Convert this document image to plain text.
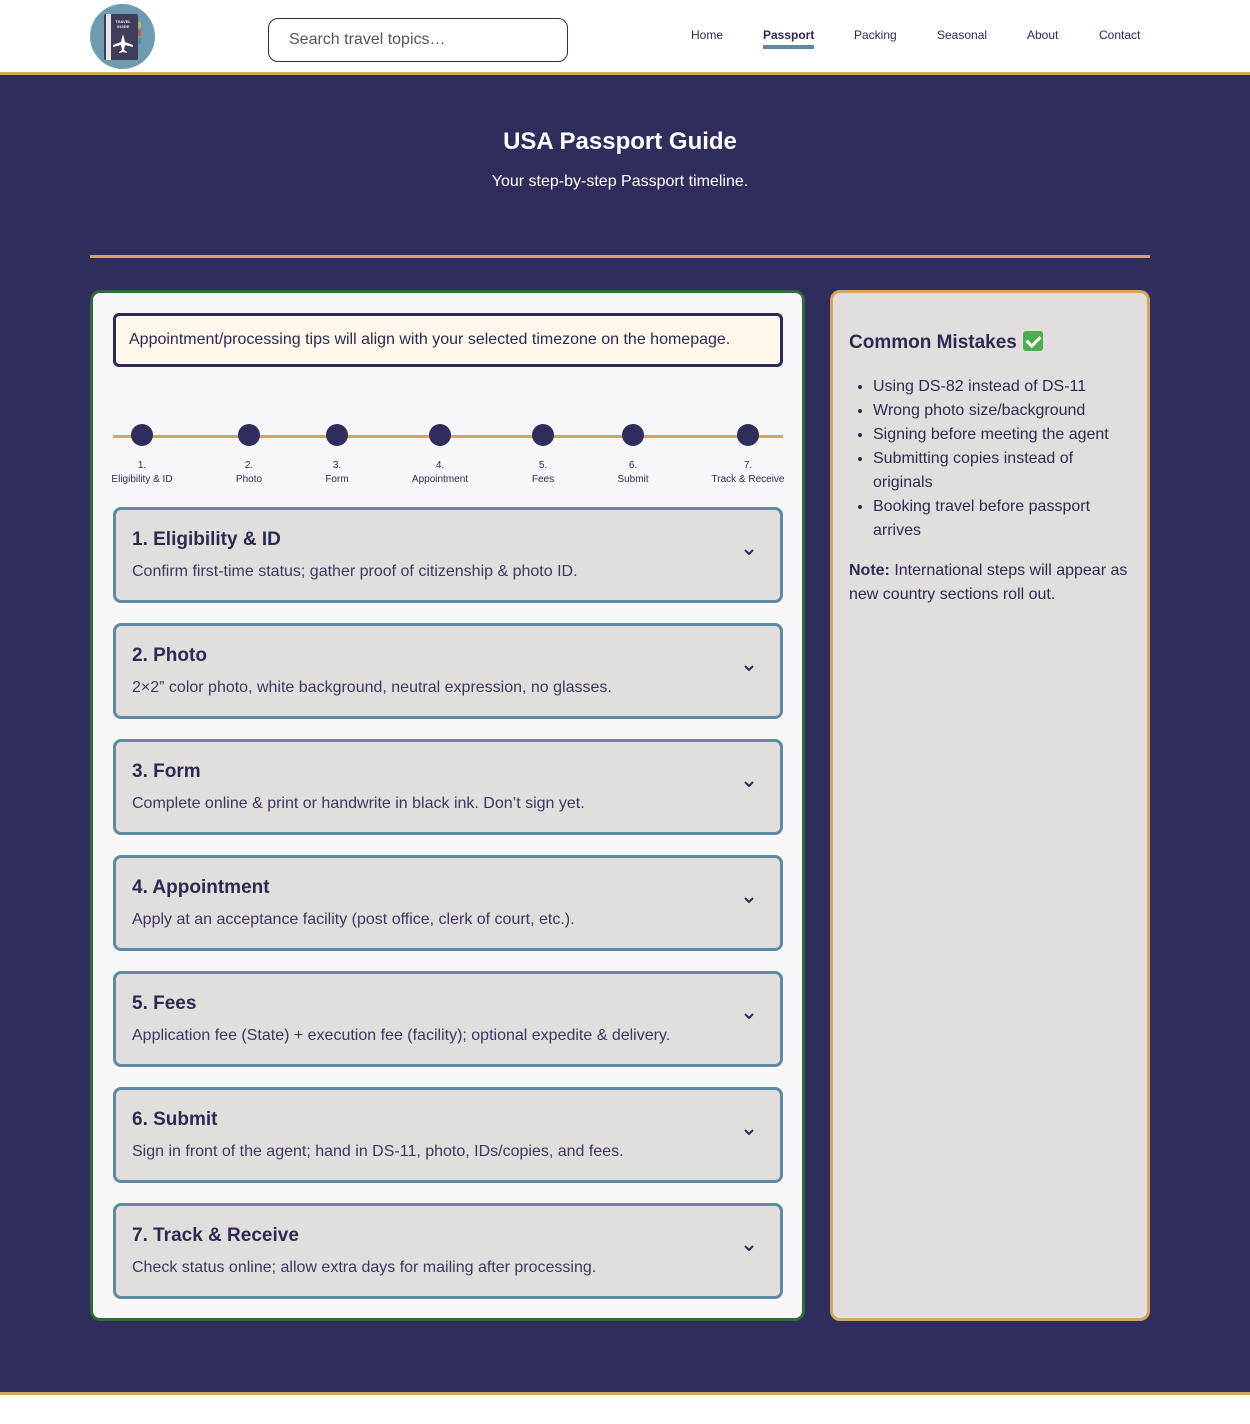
TRAVEL
GUIDE
Search travel topics…
Home	Passport	Packing	Seasonal	About	Contact
USA Passport Guide

Your step-by-step Passport timeline.

Appointment/processing tips will align with your selected timezone on the homepage.
1.
Eligibility & ID
2.
Photo
3.
Form
4.
Appointment
5.
Fees
6.
Submit
7.
Track & Receive
1. Eligibility & ID
Confirm first-time status; gather proof of citizenship & photo ID.
2. Photo
2×2” color photo, white background, neutral expression, no glasses.
3. Form
Complete online & print or handwrite in black ink. Don’t sign yet.
4. Appointment
Apply at an acceptance facility (post office, clerk of court, etc.).
5. Fees
Application fee (State) + execution fee (facility); optional expedite & delivery.
6. Submit
Sign in front of the agent; hand in DS-11, photo, IDs/copies, and fees.
7. Track & Receive
Check status online; allow extra days for mailing after processing.
Common Mistakes
• Using DS-82 instead of DS-11
• Wrong photo size/background
• Signing before meeting the agent
• Submitting copies instead of originals
• Booking travel before passport arrives

Note: International steps will appear as new country sections roll out.
